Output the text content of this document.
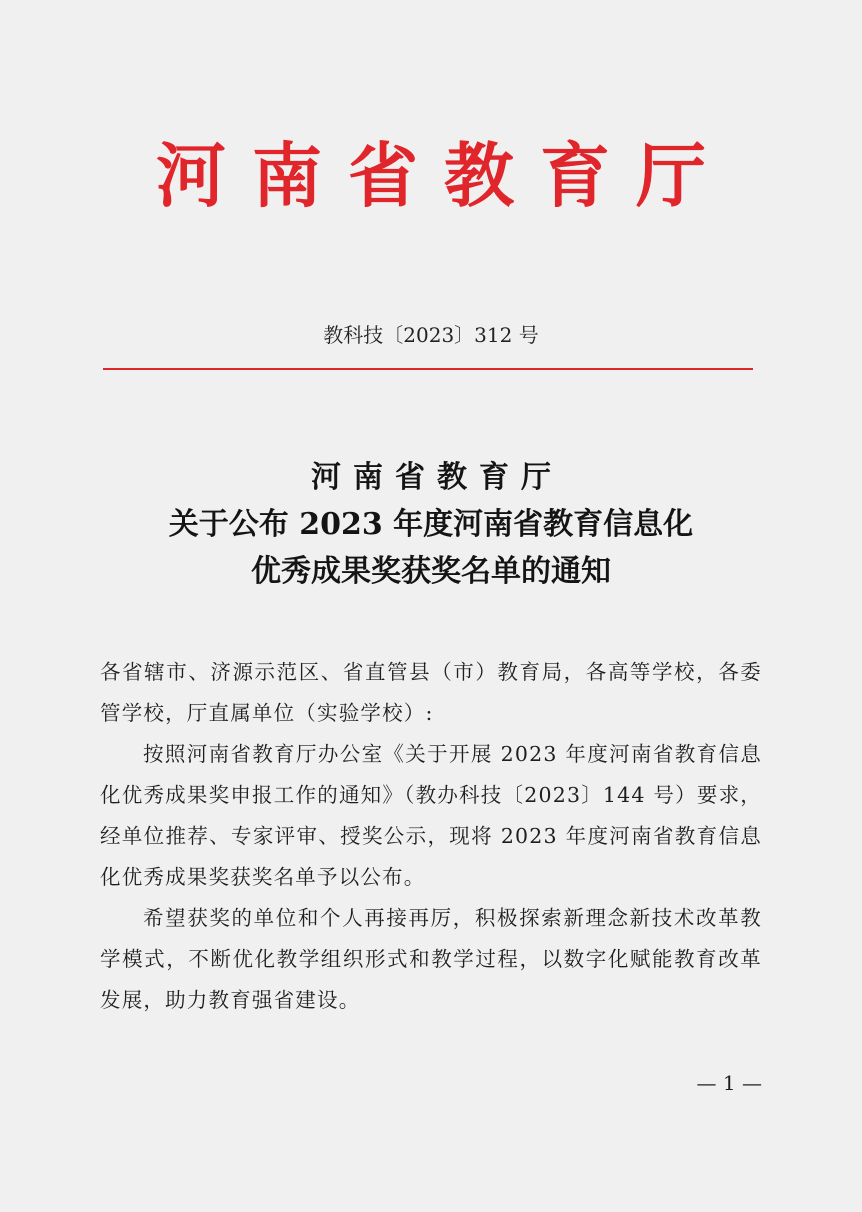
河南省教育厅
教科技〔2023〕312 号
河南省教育厅
关于公布 2023 年度河南省教育信息化
优秀成果奖获奖名单的通知

各省辖市、济源示范区、省直管县（市）教育局，各高等学校，各委管学校，厅直属单位（实验学校）:

按照河南省教育厅办公室《关于开展 2023 年度河南省教育信息化优秀成果奖申报工作的通知》（教办科技〔2023〕144 号）要求，经单位推荐、专家评审、授奖公示，现将 2023 年度河南省教育信息化优秀成果奖获奖名单予以公布。

希望获奖的单位和个人再接再厉，积极探索新理念新技术改革教学模式，不断优化教学组织形式和教学过程，以数字化赋能教育改革发展，助力教育强省建设。

— 1 —
